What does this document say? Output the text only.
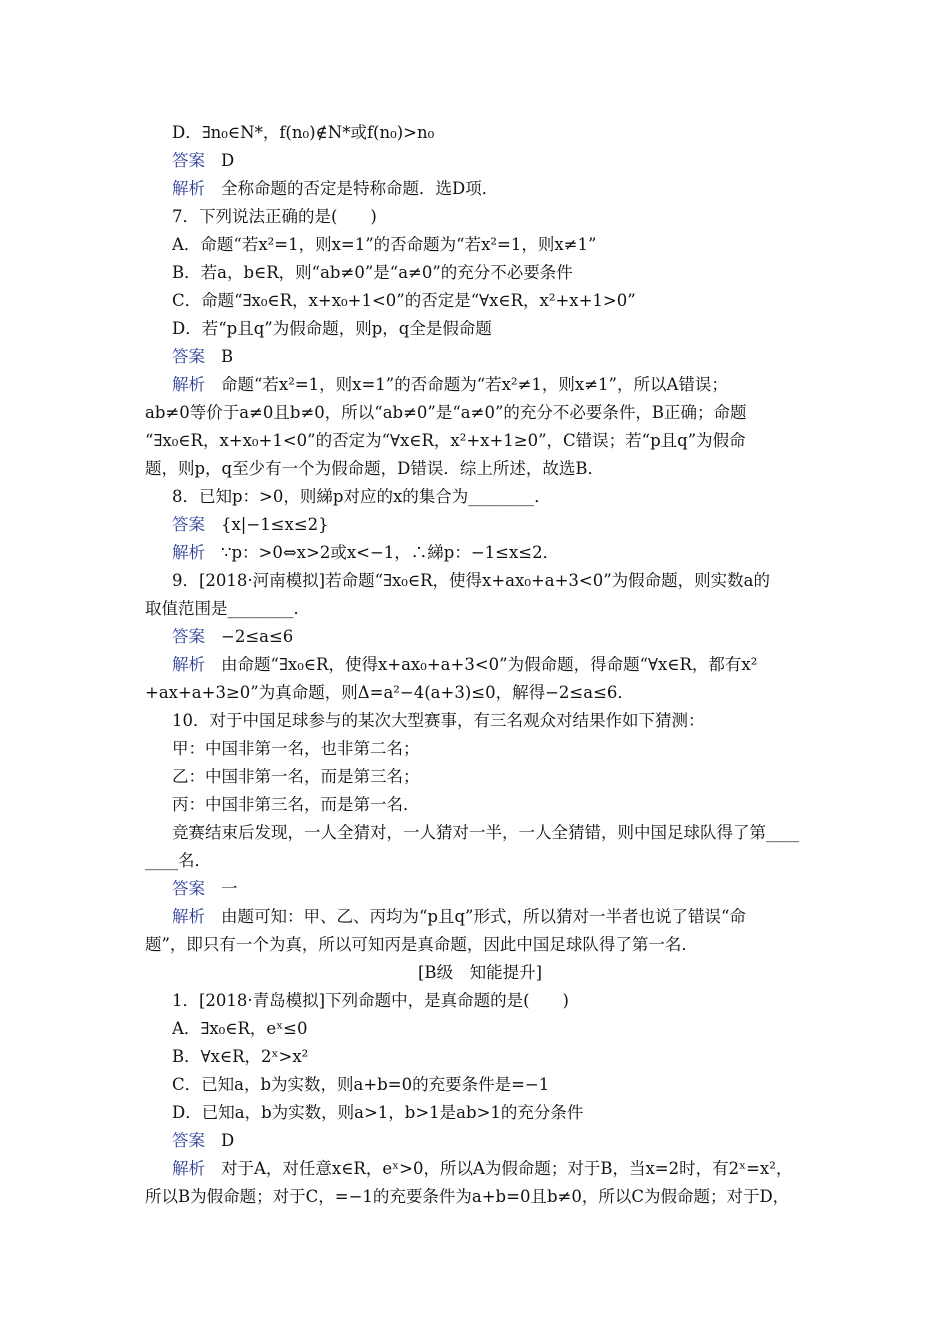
D．∃n₀∈N*，f(n₀)∉N*或f(n₀)>n₀
答案 D
解析 全称命题的否定是特称命题．选D项．
7．下列说法正确的是(　　)
A．命题“若x²=1，则x=1”的否命题为“若x²=1，则x≠1”
B．若a，b∈R，则“ab≠0”是“a≠0”的充分不必要条件
C．命题“∃x₀∈R，x+x₀+1<0”的否定是“∀x∈R，x²+x+1>0”
D．若“p且q”为假命题，则p，q全是假命题
答案 B
解析 命题“若x²=1，则x=1”的否命题为“若x²≠1，则x≠1”，所以A错误；
ab≠0等价于a≠0且b≠0，所以“ab≠0”是“a≠0”的充分不必要条件，B正确；命题
“∃x₀∈R，x+x₀+1<0”的否定为“∀x∈R，x²+x+1≥0”，C错误；若“p且q”为假命
题，则p，q至少有一个为假命题，D错误．综上所述，故选B．
8．已知p：>0，则綈p对应的x的集合为________．
答案 {x|−1≤x≤2}
解析 ∵p：>0⇔x>2或x<−1，∴綈p：−1≤x≤2．
9．[2018·河南模拟]若命题“∃x₀∈R，使得x+ax₀+a+3<0”为假命题，则实数a的
取值范围是________．
答案 −2≤a≤6
解析 由命题“∃x₀∈R，使得x+ax₀+a+3<0”为假命题，得命题“∀x∈R，都有x²
+ax+a+3≥0”为真命题，则Δ=a²−4(a+3)≤0，解得−2≤a≤6．
10．对于中国足球参与的某次大型赛事，有三名观众对结果作如下猜测：
甲：中国非第一名，也非第二名；
乙：中国非第一名，而是第三名；
丙：中国非第三名，而是第一名．
竞赛结束后发现，一人全猜对，一人猜对一半，一人全猜错，则中国足球队得了第____
____名．
答案 一
解析 由题可知：甲、乙、丙均为“p且q”形式，所以猜对一半者也说了错误“命
题”，即只有一个为真，所以可知丙是真命题，因此中国足球队得了第一名．
[B级　知能提升]
1．[2018·青岛模拟]下列命题中，是真命题的是(　　)
A．∃x₀∈R，eˣ≤0
B．∀x∈R，2ˣ>x²
C．已知a，b为实数，则a+b=0的充要条件是=−1
D．已知a，b为实数，则a>1，b>1是ab>1的充分条件
答案 D
解析 对于A，对任意x∈R，eˣ>0，所以A为假命题；对于B，当x=2时，有2ˣ=x²，
所以B为假命题；对于C，=−1的充要条件为a+b=0且b≠0，所以C为假命题；对于D，
